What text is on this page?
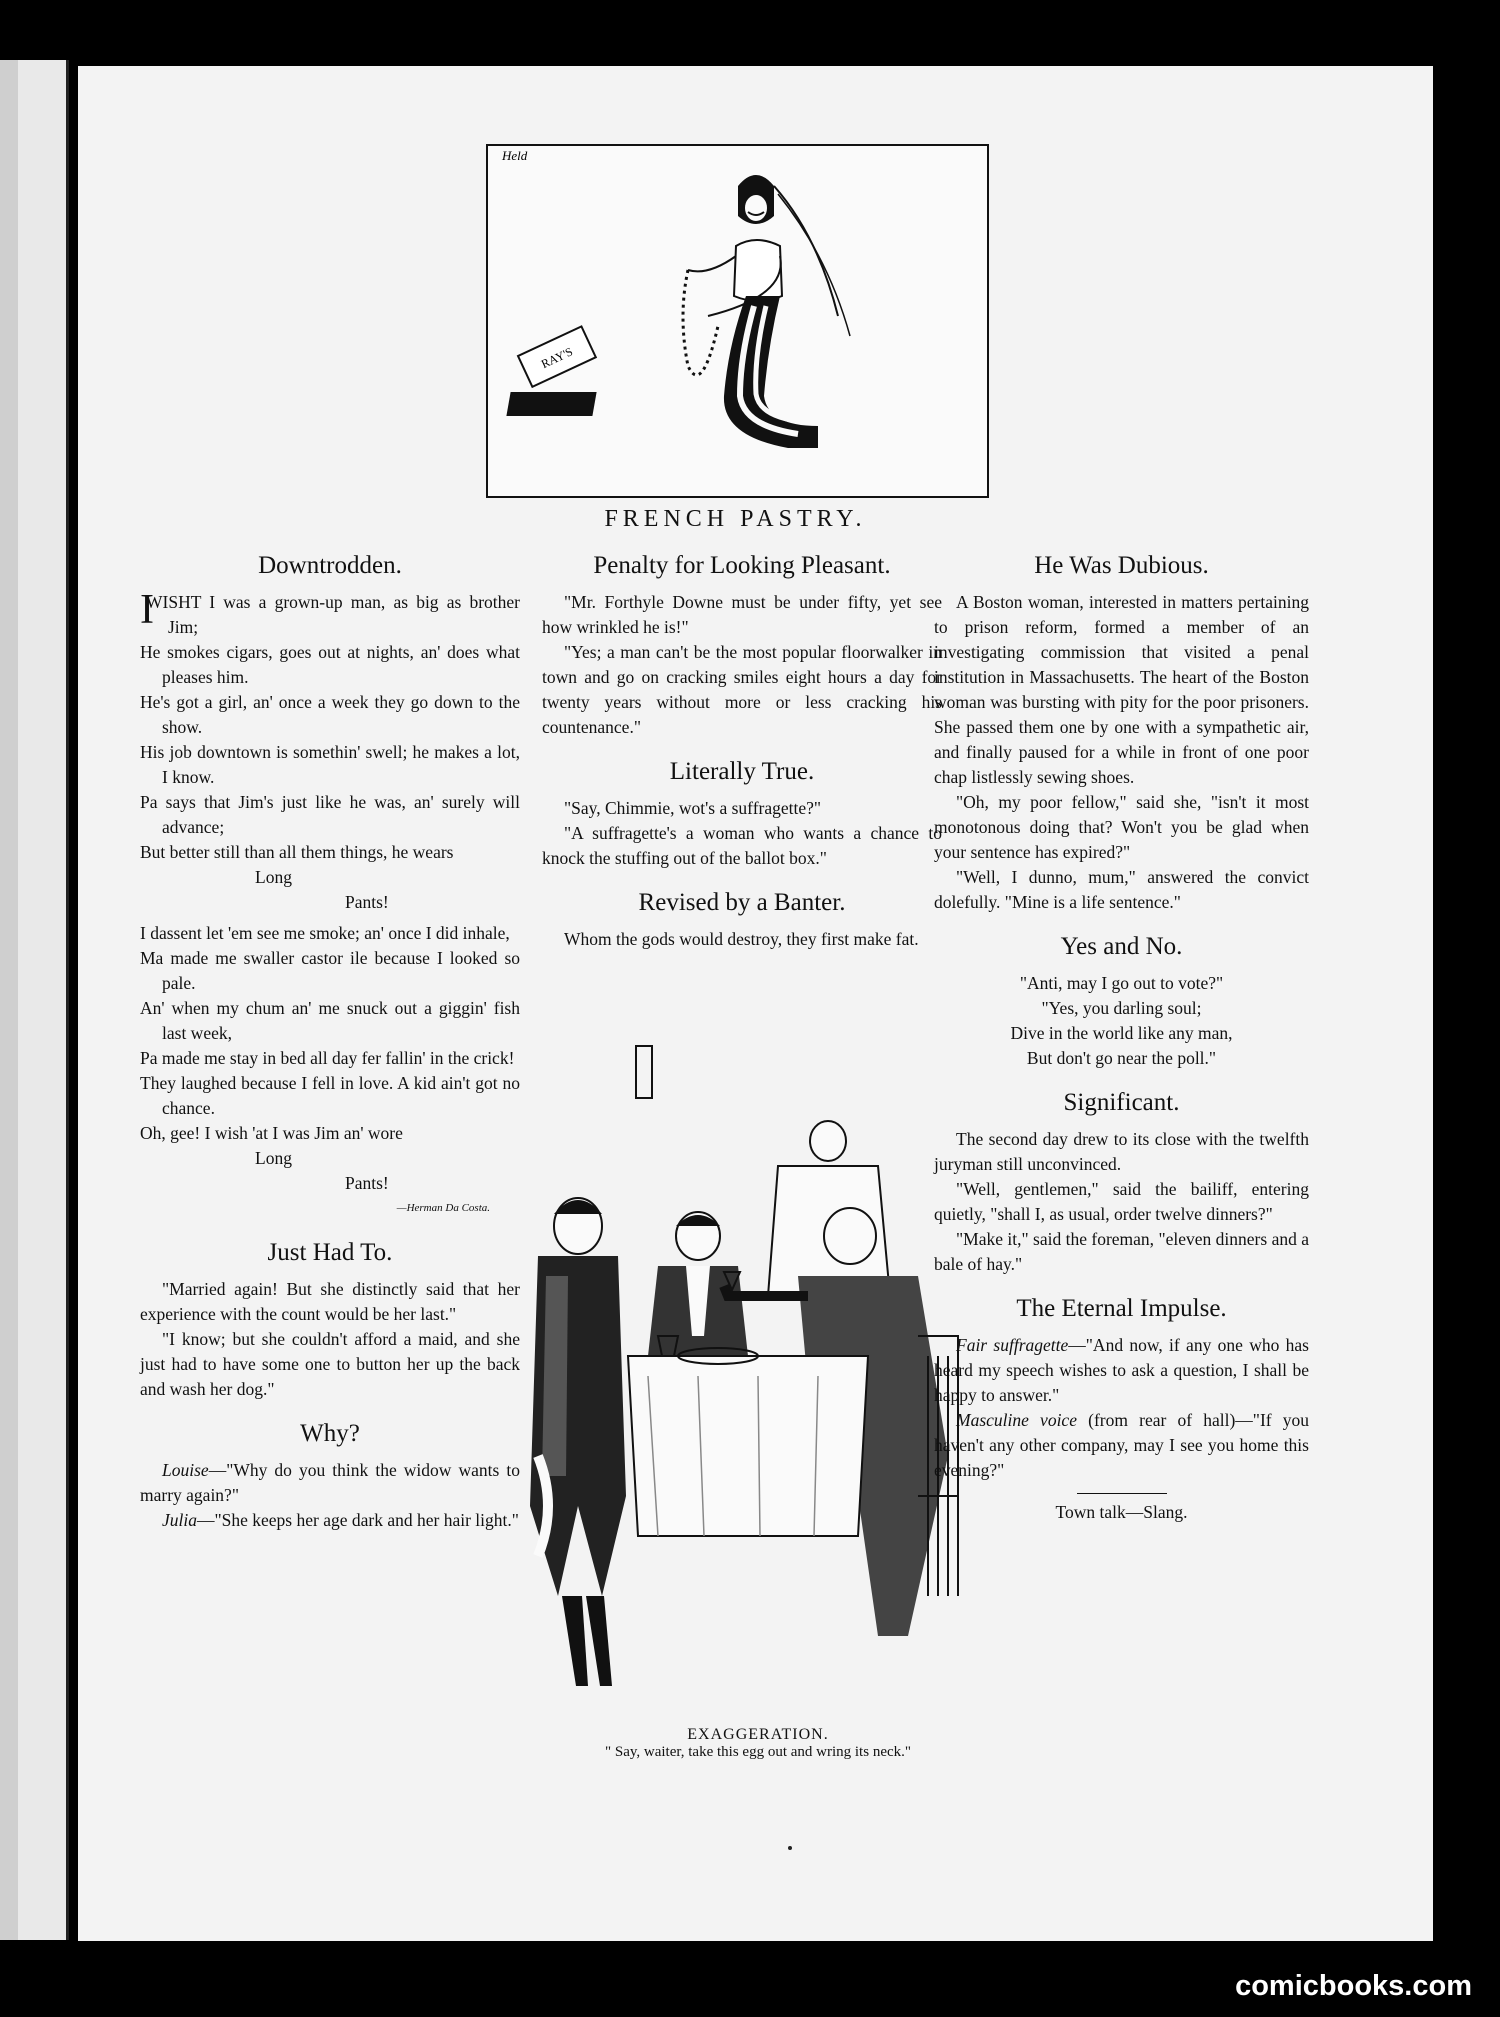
Held
RAY'S
FRENCH PASTRY.
Downtrodden.

I
WISHT I was a grown-up man, as big as brother Jim;

He smokes cigars, goes out at nights, an' does what pleases him.

He's got a girl, an' once a week they go down to the show.

His job downtown is somethin' swell; he makes a lot, I know.

Pa says that Jim's just like he was, an' surely will advance;

But better still than all them things, he wears

Long

Pants!

I dassent let 'em see me smoke; an' once I did inhale,

Ma made me swaller castor ile because I looked so pale.

An' when my chum an' me snuck out a giggin' fish last week,

Pa made me stay in bed all day fer fallin' in the crick!

They laughed because I fell in love. A kid ain't got no chance.

Oh, gee! I wish 'at I was Jim an' wore

Long

Pants!

—Herman Da Costa.

Just Had To.

"Married again! But she distinctly said that her experience with the count would be her last."

"I know; but she couldn't afford a maid, and she just had to have some one to button her up the back and wash her dog."

Why?

Louise—"Why do you think the widow wants to marry again?"

Julia—"She keeps her age dark and her hair light."

Penalty for Looking Pleasant.

"Mr. Forthyle Downe must be under fifty, yet see how wrinkled he is!"

"Yes; a man can't be the most popular floorwalker in town and go on cracking smiles eight hours a day for twenty years without more or less cracking his countenance."

Literally True.

"Say, Chimmie, wot's a suffragette?"

"A suffragette's a woman who wants a chance to knock the stuffing out of the ballot box."

Revised by a Banter.

Whom the gods would destroy, they first make fat.

EXAGGERATION.
" Say, waiter, take this egg out and wring its neck."
He Was Dubious.

A Boston woman, interested in matters pertaining to prison reform, formed a member of an investigating commission that visited a penal institution in Massachusetts. The heart of the Boston woman was bursting with pity for the poor prisoners. She passed them one by one with a sympathetic air, and finally paused for a while in front of one poor chap listlessly sewing shoes.

"Oh, my poor fellow," said she, "isn't it most monotonous doing that? Won't you be glad when your sentence has expired?"

"Well, I dunno, mum," answered the convict dolefully. "Mine is a life sentence."

Yes and No.

"Anti, may I go out to vote?"

"Yes, you darling soul;

Dive in the world like any man,

But don't go near the poll."

Significant.

The second day drew to its close with the twelfth juryman still unconvinced.

"Well, gentlemen," said the bailiff, entering quietly, "shall I, as usual, order twelve dinners?"

"Make it," said the foreman, "eleven dinners and a bale of hay."

The Eternal Impulse.

Fair suffragette—"And now, if any one who has heard my speech wishes to ask a question, I shall be happy to answer."

Masculine voice (from rear of hall)—"If you haven't any other company, may I see you home this evening?"

Town talk—Slang.

comicbooks.com
